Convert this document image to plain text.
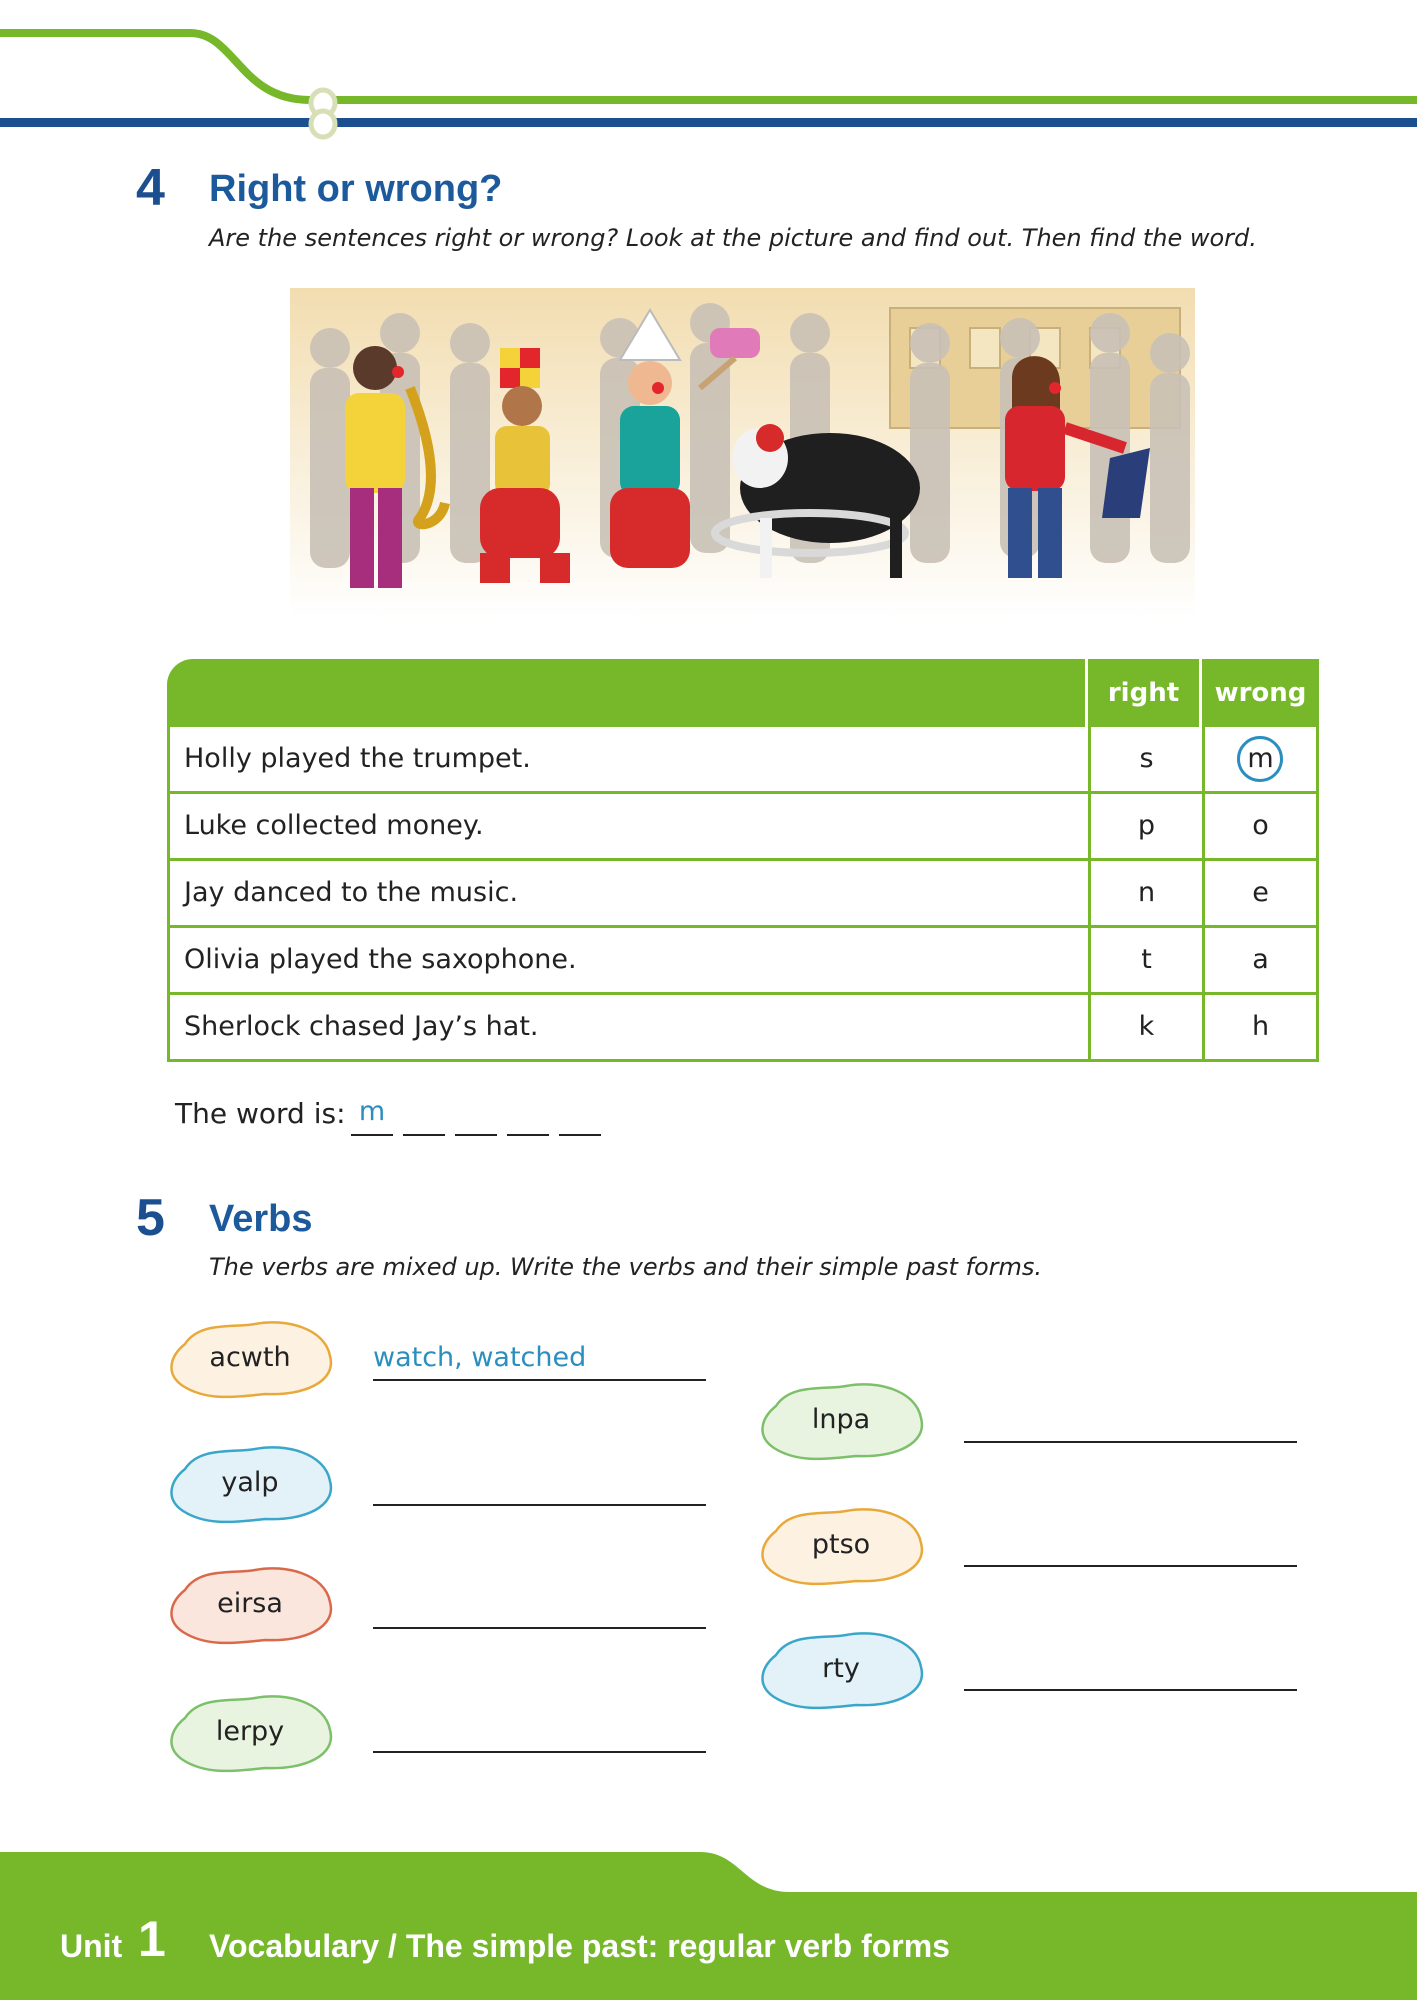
4 Right or wrong?
Are the sentences right or wrong? Look at the picture and find out. Then find the word.
right	wrong
Holly played the trumpet.	s	m
Luke collected money.	p	o
Jay danced to the music.	n	e
Olivia played the saxophone.	t	a
Sherlock chased Jay’s hat.	k	h
The word is: m
5 Verbs
The verbs are mixed up. Write the verbs and their simple past forms.
acwth	watch, watched
yalp
eirsa
lerpy
lnpa
ptso
rty
Unit 1 Vocabulary / The simple past: regular verb forms
